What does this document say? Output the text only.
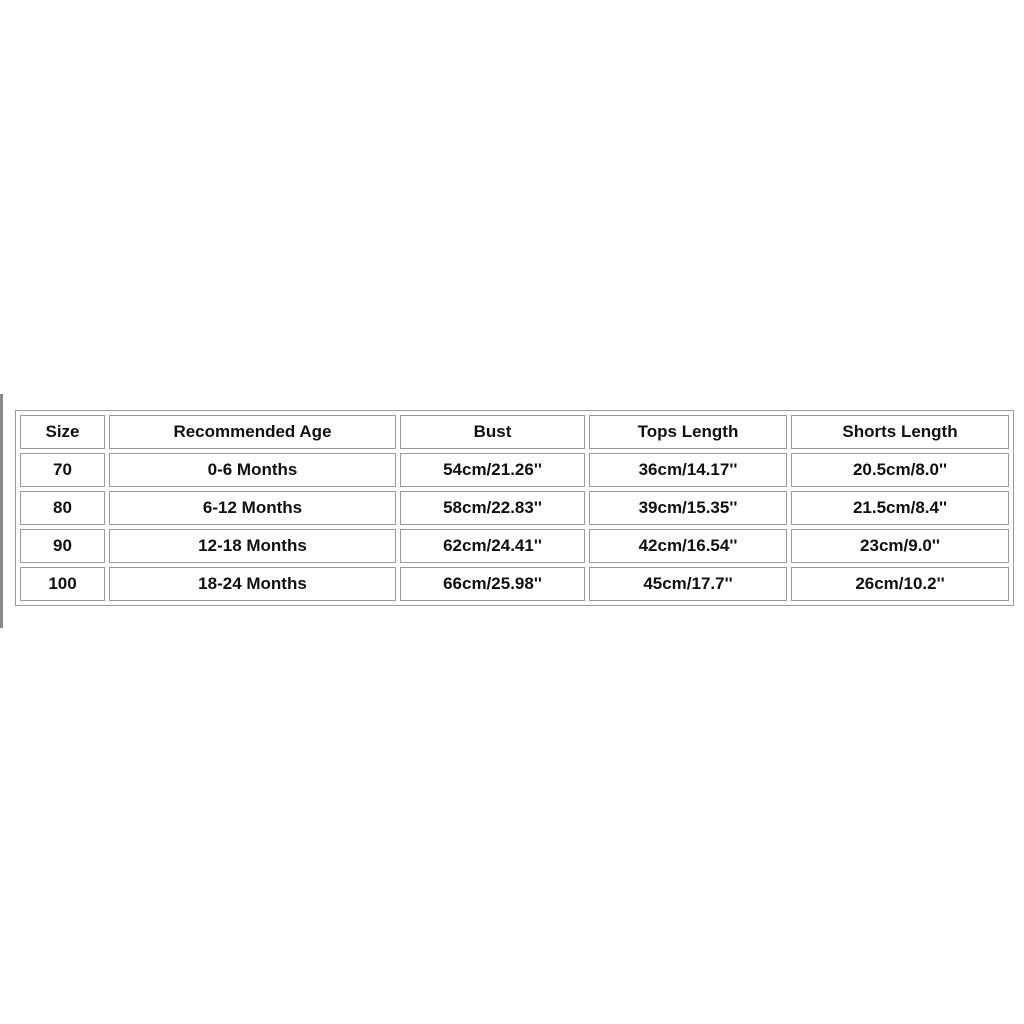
Size	Recommended Age	Bust	Tops Length	Shorts Length
70	0-6 Months	54cm/21.26''	36cm/14.17''	20.5cm/8.0''
80	6-12 Months	58cm/22.83''	39cm/15.35''	21.5cm/8.4''
90	12-18 Months	62cm/24.41''	42cm/16.54''	23cm/9.0''
100	18-24 Months	66cm/25.98''	45cm/17.7''	26cm/10.2''
